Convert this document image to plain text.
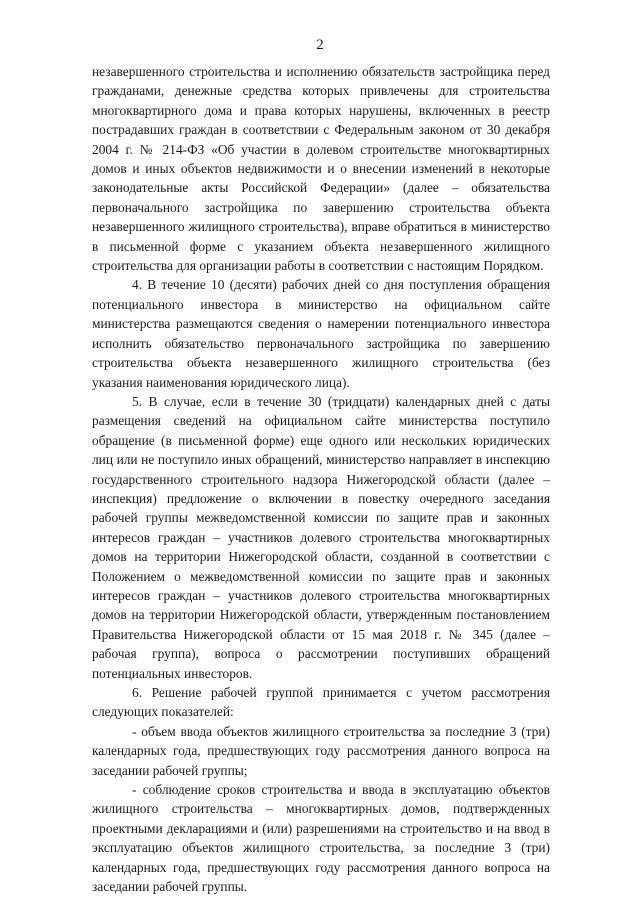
2

незавершенного строительства и исполнению обязательств застройщика перед гражданами, денежные средства которых привлечены для строительства многоквартирного дома и права которых нарушены, включенных в реестр пострадавших граждан в соответствии с Федеральным законом от 30 декабря 2004 г. № 214-ФЗ «Об участии в долевом строительстве многоквартирных домов и иных объектов недвижимости и о внесении изменений в некоторые законодательные акты Российской Федерации» (далее – обязательства первоначального застройщика по завершению строительства объекта незавершенного жилищного строительства), вправе обратиться в министерство в письменной форме с указанием объекта незавершенного жилищного строительства для организации работы в соответствии с настоящим Порядком.

4. В течение 10 (десяти) рабочих дней со дня поступления обращения потенциального инвестора в министерство на официальном сайте министерства размещаются сведения о намерении потенциального инвестора исполнить обязательство первоначального застройщика по завершению строительства объекта незавершенного жилищного строительства (без указания наименования юридического лица).

5. В случае, если в течение 30 (тридцати) календарных дней с даты размещения сведений на официальном сайте министерства поступило обращение (в письменной форме) еще одного или нескольких юридических лиц или не поступило иных обращений, министерство направляет в инспекцию государственного строительного надзора Нижегородской области (далее – инспекция) предложение о включении в повестку очередного заседания рабочей группы межведомственной комиссии по защите прав и законных интересов граждан – участников долевого строительства многоквартирных домов на территории Нижегородской области, созданной в соответствии с Положением о межведомственной комиссии по защите прав и законных интересов граждан – участников долевого строительства многоквартирных домов на территории Нижегородской области, утвержденным постановлением Правительства Нижегородской области от 15 мая 2018 г. № 345 (далее – рабочая группа), вопроса о рассмотрении поступивших обращений потенциальных инвесторов.

6. Решение рабочей группой принимается с учетом рассмотрения следующих показателей:

- объем ввода объектов жилищного строительства за последние 3 (три) календарных года, предшествующих году рассмотрения данного вопроса на заседании рабочей группы;

- соблюдение сроков строительства и ввода в эксплуатацию объектов жилищного строительства – многоквартирных домов, подтвержденных проектными декларациями и (или) разрешениями на строительство и на ввод в эксплуатацию объектов жилищного строительства, за последние 3 (три) календарных года, предшествующих году рассмотрения данного вопроса на заседании рабочей группы.
